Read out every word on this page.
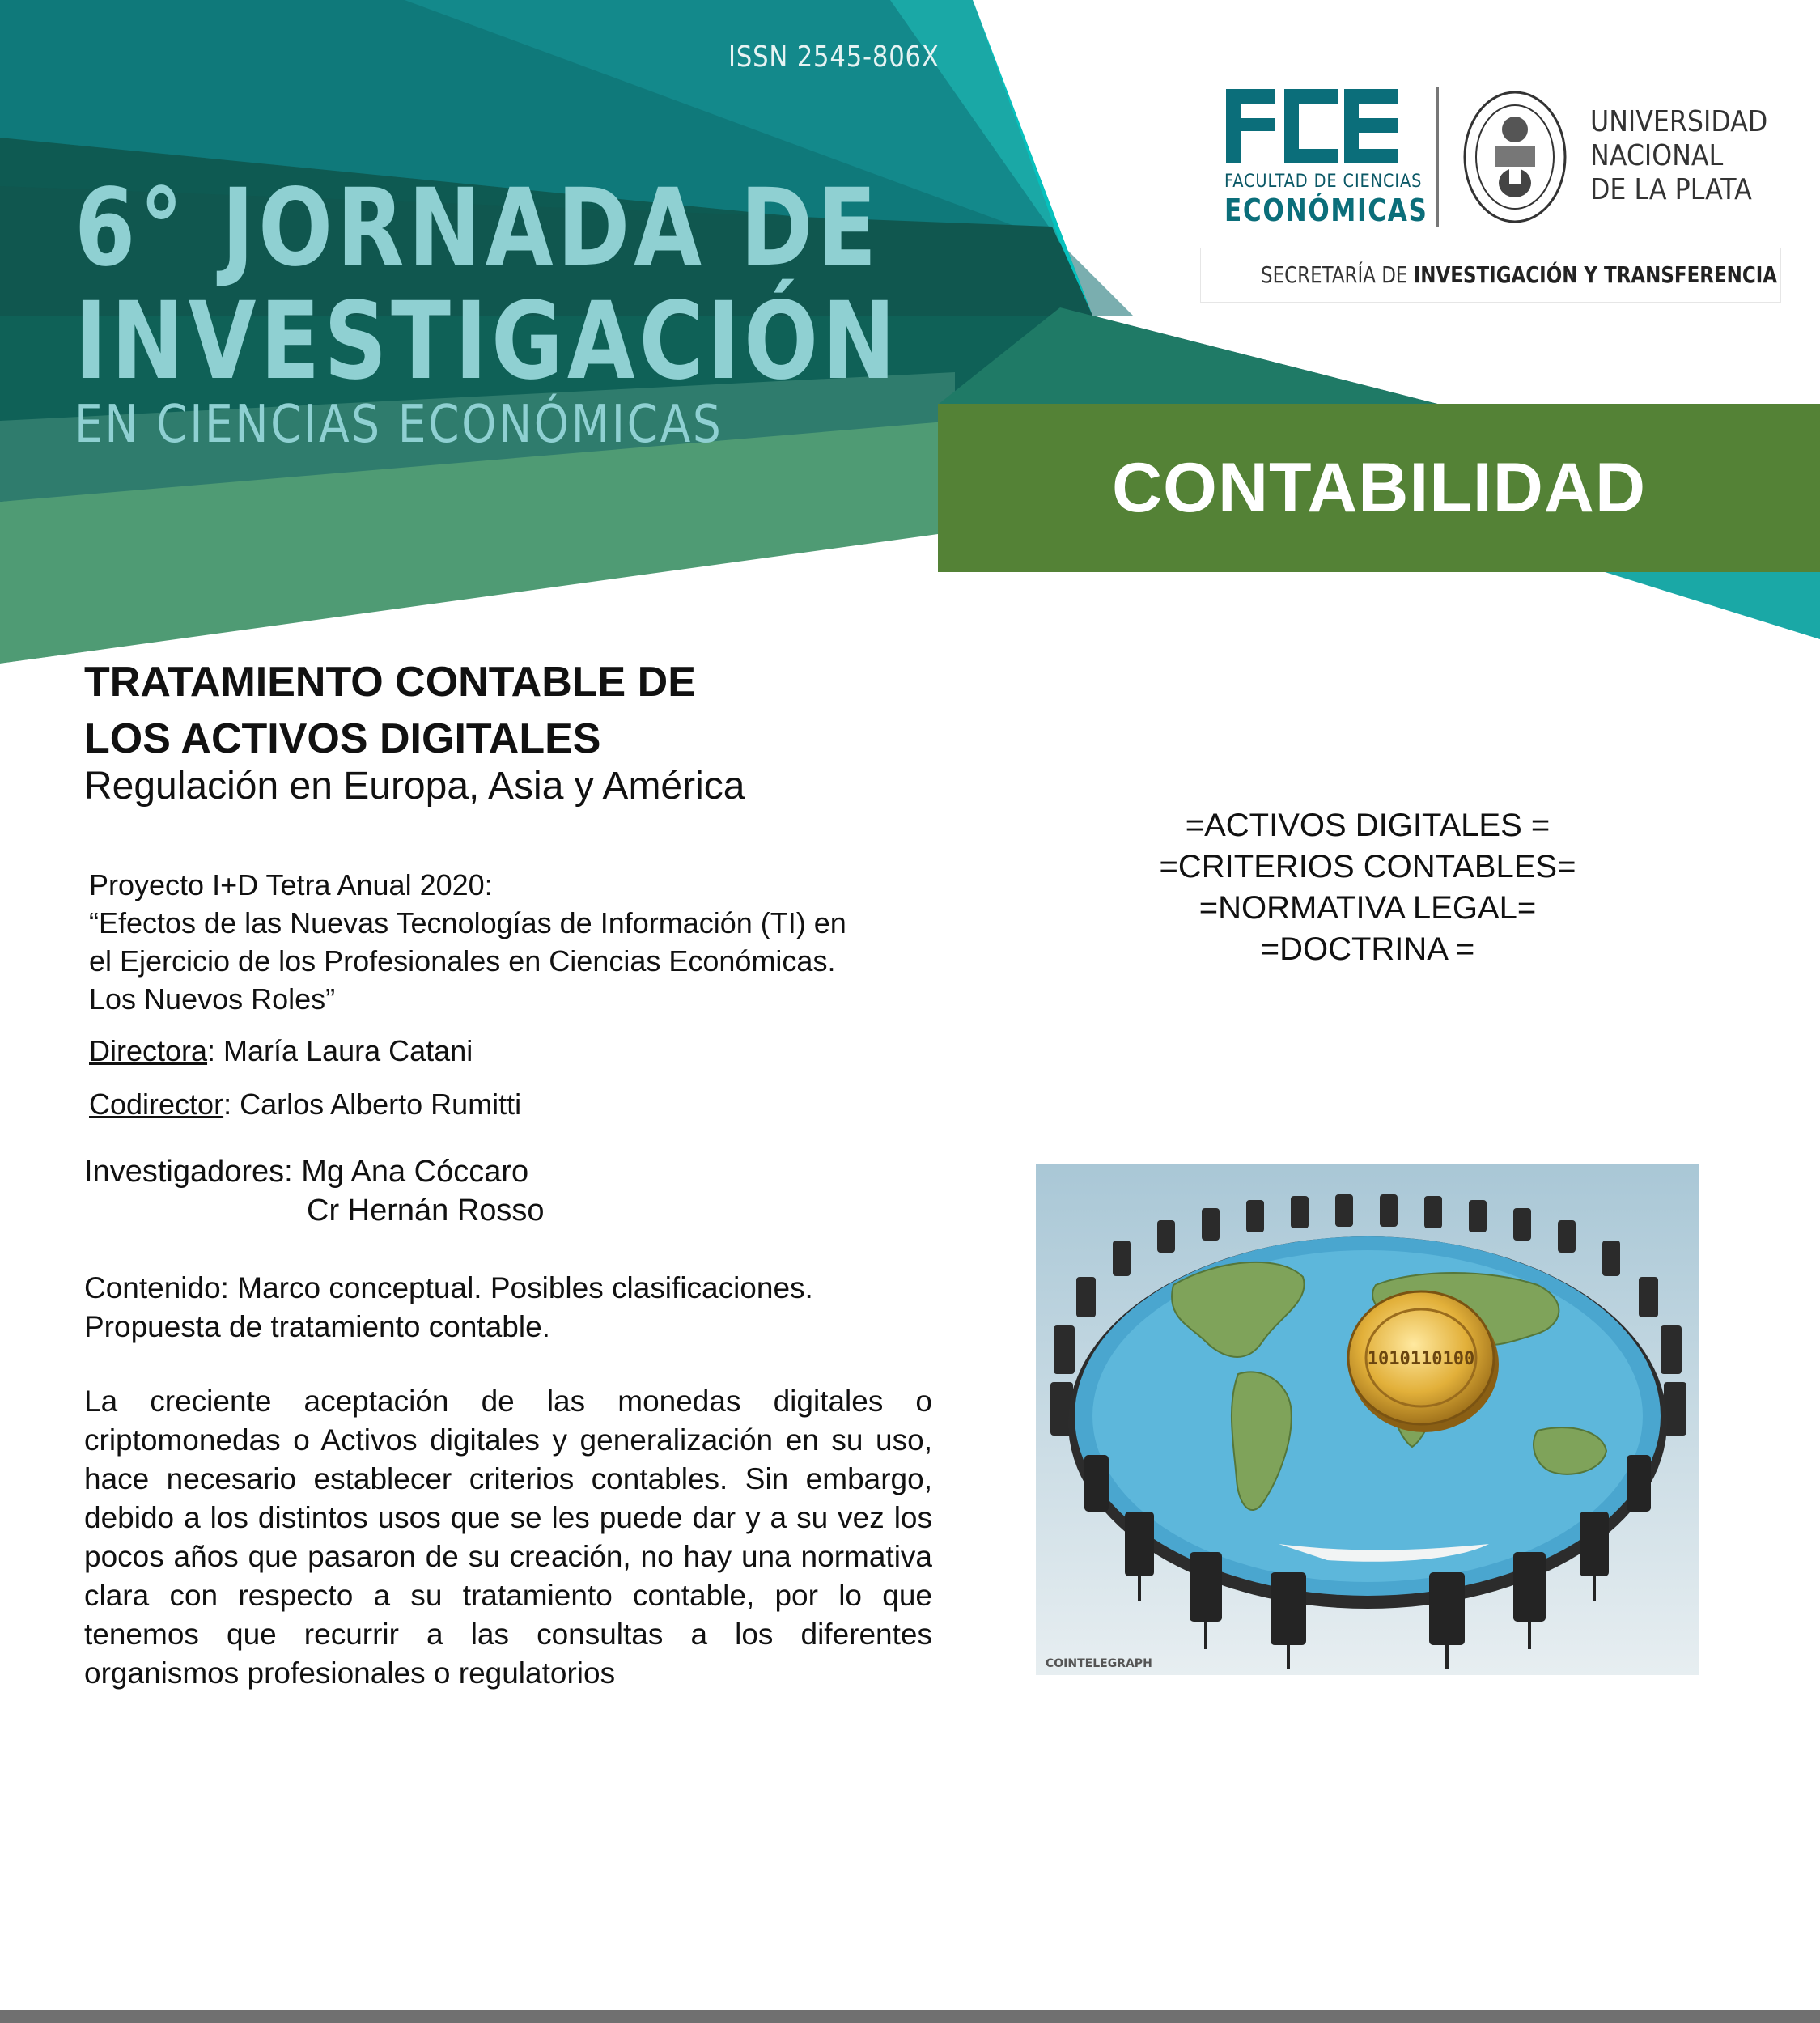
ISSN 2545-806X
6° JORNADA DE
INVESTIGACIÓN
EN CIENCIAS ECONÓMICAS
FACULTAD DE CIENCIAS
ECONÓMICAS
UNIVERSIDAD
NACIONAL
DE LA PLATA
SECRETARÍA DE INVESTIGACIÓN Y TRANSFERENCIA
CONTABILIDAD
TRATAMIENTO CONTABLE DE
LOS ACTIVOS DIGITALES
Regulación en Europa, Asia y América
Proyecto I+D Tetra Anual 2020:
“Efectos de las Nuevas Tecnologías de Información (TI) en
el Ejercicio de los Profesionales en Ciencias Económicas.
Los Nuevos Roles”
Directora: María Laura Catani
Codirector: Carlos Alberto Rumitti
Investigadores: Mg Ana Cóccaro
Cr Hernán Rosso
Contenido: Marco conceptual. Posibles clasificaciones.
Propuesta de tratamiento contable.
La creciente aceptación de las monedas digitales o criptomonedas o Activos digitales y generalización en su uso, hace necesario establecer criterios contables. Sin embargo, debido a los distintos usos que se les puede dar y a su vez los pocos años que pasaron de su creación, no hay una normativa clara con respecto a su tratamiento contable, por lo que tenemos que recurrir a las consultas a los diferentes organismos profesionales o regulatorios
=ACTIVOS DIGITALES =
=CRITERIOS CONTABLES=
=NORMATIVA LEGAL=
=DOCTRINA =
1010110100
COINTELEGRAPH
